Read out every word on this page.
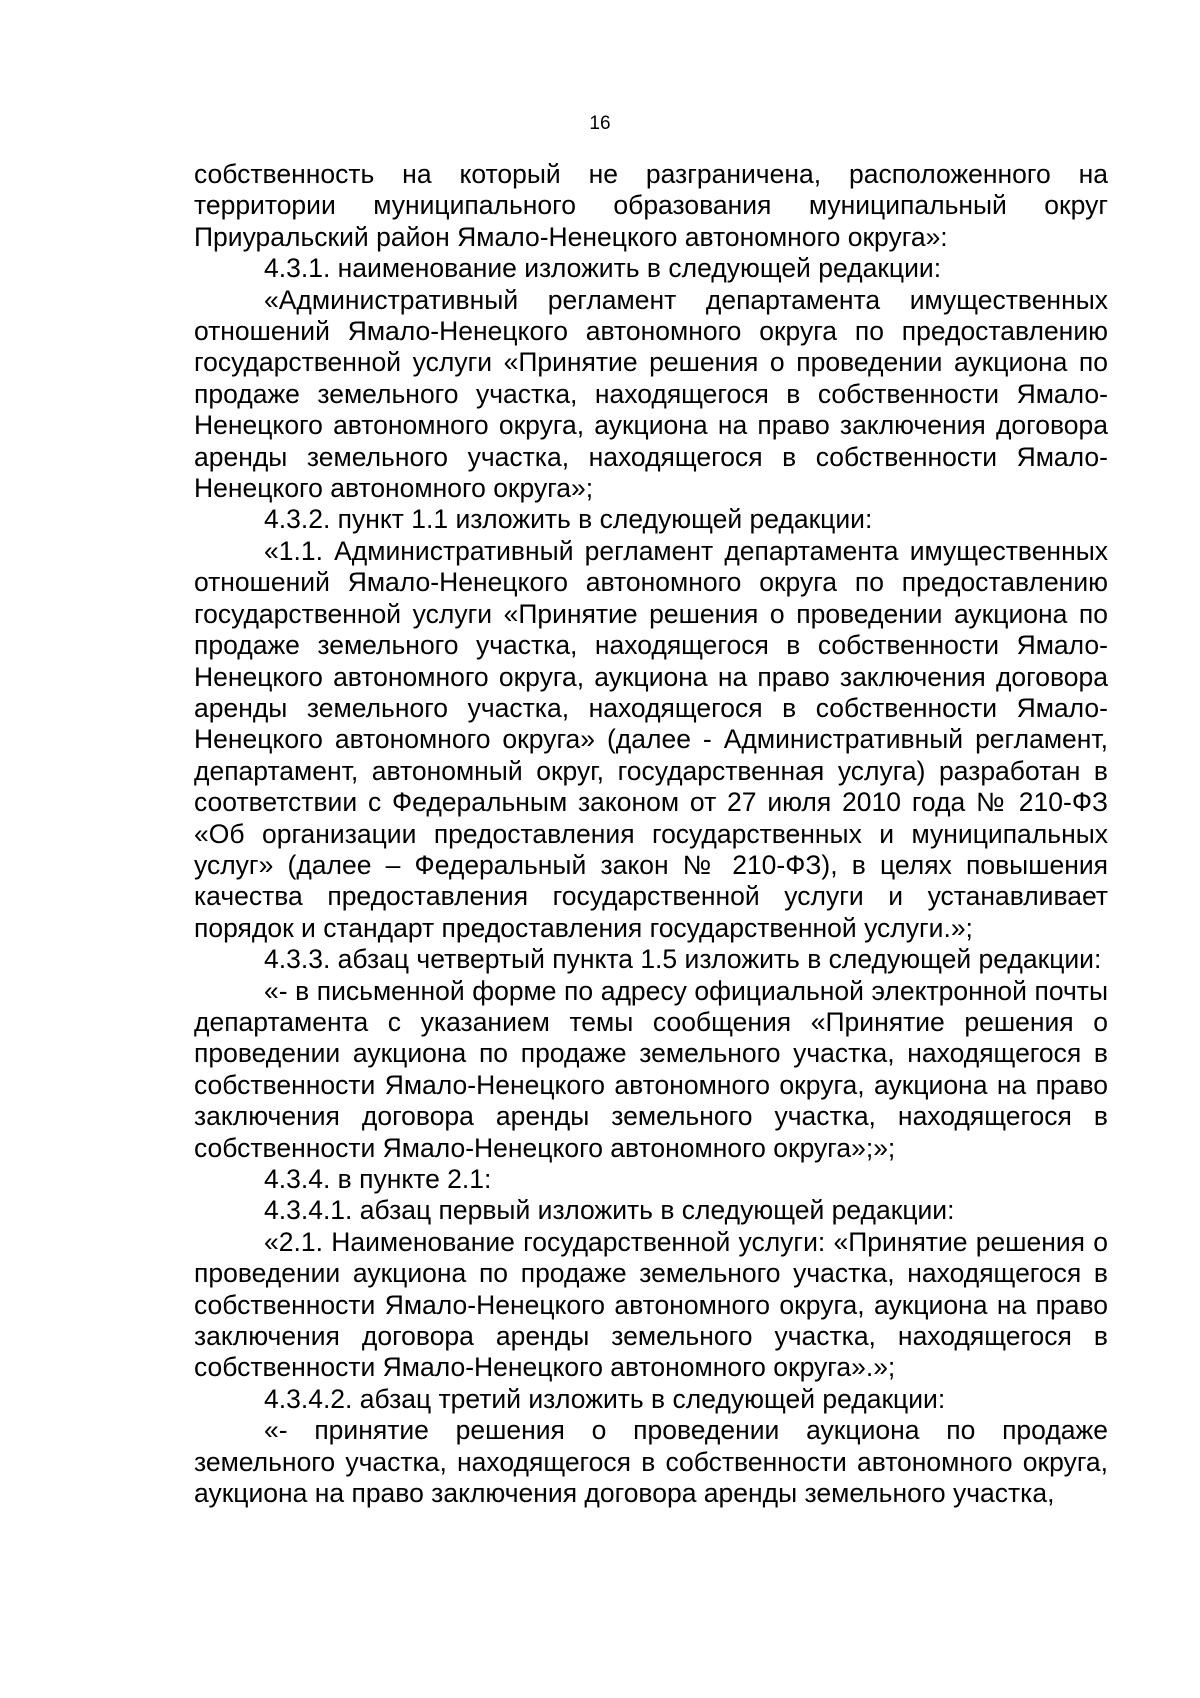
16

собственность на который не разграничена, расположенного на территории муниципального образования муниципальный округ Приуральский район Ямало-Ненецкого автономного округа»:

4.3.1. наименование изложить в следующей редакции:

«Административный регламент департамента имущественных отношений Ямало-Ненецкого автономного округа по предоставлению государственной услуги «Принятие решения о проведении аукциона по продаже земельного участка, находящегося в собственности Ямало-Ненецкого автономного округа, аукциона на право заключения договора аренды земельного участка, находящегося в собственности Ямало-Ненецкого автономного округа»;

4.3.2. пункт 1.1 изложить в следующей редакции:

«1.1. Административный регламент департамента имущественных отношений Ямало-Ненецкого автономного округа по предоставлению государственной услуги «Принятие решения о проведении аукциона по продаже земельного участка, находящегося в собственности Ямало-Ненецкого автономного округа, аукциона на право заключения договора аренды земельного участка, находящегося в собственности Ямало-Ненецкого автономного округа» (далее - Административный регламент, департамент, автономный округ, государственная услуга) разработан в соответствии с Федеральным законом от 27 июля 2010 года № 210-ФЗ «Об организации предоставления государственных и муниципальных услуг» (далее – Федеральный закон № 210-ФЗ), в целях повышения качества предоставления государственной услуги и устанавливает порядок и стандарт предоставления государственной услуги.»;

4.3.3. абзац четвертый пункта 1.5 изложить в следующей редакции:

«- в письменной форме по адресу официальной электронной почты департамента с указанием темы сообщения «Принятие решения о проведении аукциона по продаже земельного участка, находящегося в собственности Ямало-Ненецкого автономного округа, аукциона на право заключения договора аренды земельного участка, находящегося в собственности Ямало-Ненецкого автономного округа»;»;

4.3.4. в пункте 2.1:

4.3.4.1. абзац первый изложить в следующей редакции:

«2.1. Наименование государственной услуги: «Принятие решения о проведении аукциона по продаже земельного участка, находящегося в собственности Ямало-Ненецкого автономного округа, аукциона на право заключения договора аренды земельного участка, находящегося в собственности Ямало-Ненецкого автономного округа».»;

4.3.4.2. абзац третий изложить в следующей редакции:

«- принятие решения о проведении аукциона по продаже земельного участка, находящегося в собственности автономного округа, аукциона на право заключения договора аренды земельного участка,
